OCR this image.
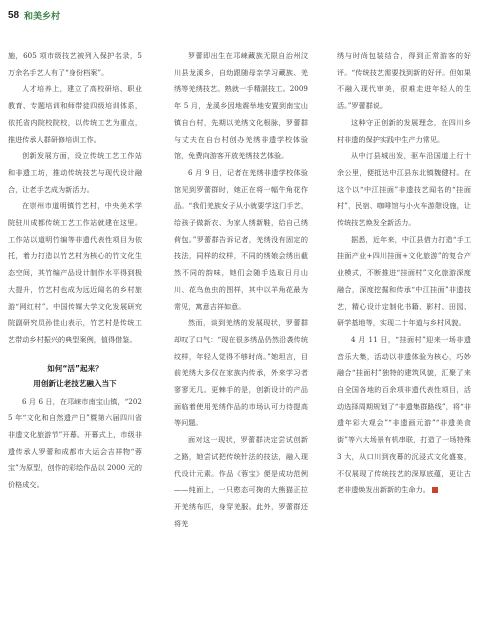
58 和美乡村

施，605 项市级技艺被列入保护名录，5 万余名手艺人有了“身份档案”。

人才培养上，建立了高校研培、职业教育、专题培训和师带徒四级培训体系，依托省内院校院校，以传统工艺为重点，推进传承人群研修培训工作。

创新发展方面，设立传统工艺工作站和非遗工坊，推动传统技艺与现代设计融合，让老手艺成为新活力。

在崇州市道明镇竹艺村，中央美术学院驻川成都传统工艺工作站就建在这里。工作站以道明竹编等非遗代表性项目为依托，着力打造以竹艺村为核心的竹文化生态空间，其竹编产品设计制作水平得到极大提升，竹艺村也成为远近闻名的乡村旅游“网红村”。中国传媒大学文化发展研究院副研究员孙佳山表示，竹艺村是传统工艺带动乡村振兴的典型案例，值得借鉴。

如何“活”起来？
用创新让老技艺融入当下

6 月 6 日，在邛崃市南宝山镇，“2025 年“文化和自然遗产日”暨第六届四川省非遗文化旅游节”开幕。开幕式上，市级非遗传承人罗蕾和成都市大运会吉祥物“蓉宝”为原型，创作的彩绘作品以 2000 元的价格成交。

罗蕾即出生在邛崃藏族无限自治州汶川县龙溪乡，自幼跟随母亲学习藏族、羌绣等羌绣技艺。熟就一手精湛技工。2009 年 5 月，龙溪乡因地震举地安置到南宝山镇自台村，先期以羌绣文化根脉，罗蕾群与丈夫在自台村创办羌绣非遗学校体验馆，免费向游客开放羌绣技艺体验。

6 月 9 日，记者在羌绣非遗学校体验馆见到罗蕾群时，她正在将一幅牛角花作品。“我们羌族女子从小就要学这门手艺，给孩子做新衣、为家人绣新鞋，给自己绣荷包。”罗蕾群告诉记者，羌绣没有固定的技法，同样的纹样，不同的绣娘会绣出截然不同的韵味，她们会随手选取日月山川、花鸟鱼虫的图样，其中以羊角花最为常见，寓意吉祥如意。

然而，谈到羌绣的发展现状，罗蕾群却叹了口气：“现在很多绣品仍然沿袭传统纹样，年轻人觉得不够时尚。”她坦言，目前羌绣大多仅在家族内传承，外来学习者寥寥无几。更棘手的是，创新设计的产品面临着使用羌绣作品的市场认可力待提高等问题。

面对这一现状，罗蕾群决定尝试创新之路，她尝试把传统针法的技法，融入现代设计元素。作品《蓉宝》便是成功范例——纯面上，一只憨态可掬的大熊猫正拉开羌绣布匹，身穿羌服。此外，罗蕾群还将羌

绣与时尚包装结合，得到正常游客的好评。“传统技艺需要找到新的好评。但如果不融入现代审美，很难走进年轻人的生活。”罗蕾群说。

这种守正创新的发展理念，在四川乡村非遗的保护实践中生产力常见。

从中汀县城出发，驱车沿国道上行十余公里，便抵达中江县东北镇魏健村。在这个以“中江挂面”非遗技艺闻名的“挂面村”，民宿、咖啡馆与小火车游憩设施，让传统技艺焕发全新活力。

据悉，近年来，中江县借力打造“手工挂面产业+四川挂面+文化旅游”的复合产业模式，不断推进“挂面村”文化旅游深度融合，深度挖掘和传承“中江挂面”非遗技艺，精心设计定制化书籍、影村、田园、研学基地等，实现二十年道与乡村风貌。

4 月 11 日，“挂面村”迎来一场非遗音乐大集，活动以非遗体验为核心，巧妙融合“挂面村”独特的建筑风貌，汇聚了来自全国各地的百余项非遗代表性项目，活动选择周期规划了“非遗集群路线”，将“非遗年彩大观会”“非遗画元游”“非遗美食街”等六大场景有机串联，打造了一场特殊 3 大，从口川到夜幕的沉浸式文化盛宴，不仅展现了传统技艺的深厚底蕴，更让古老非遗焕发出新新的生命力。
